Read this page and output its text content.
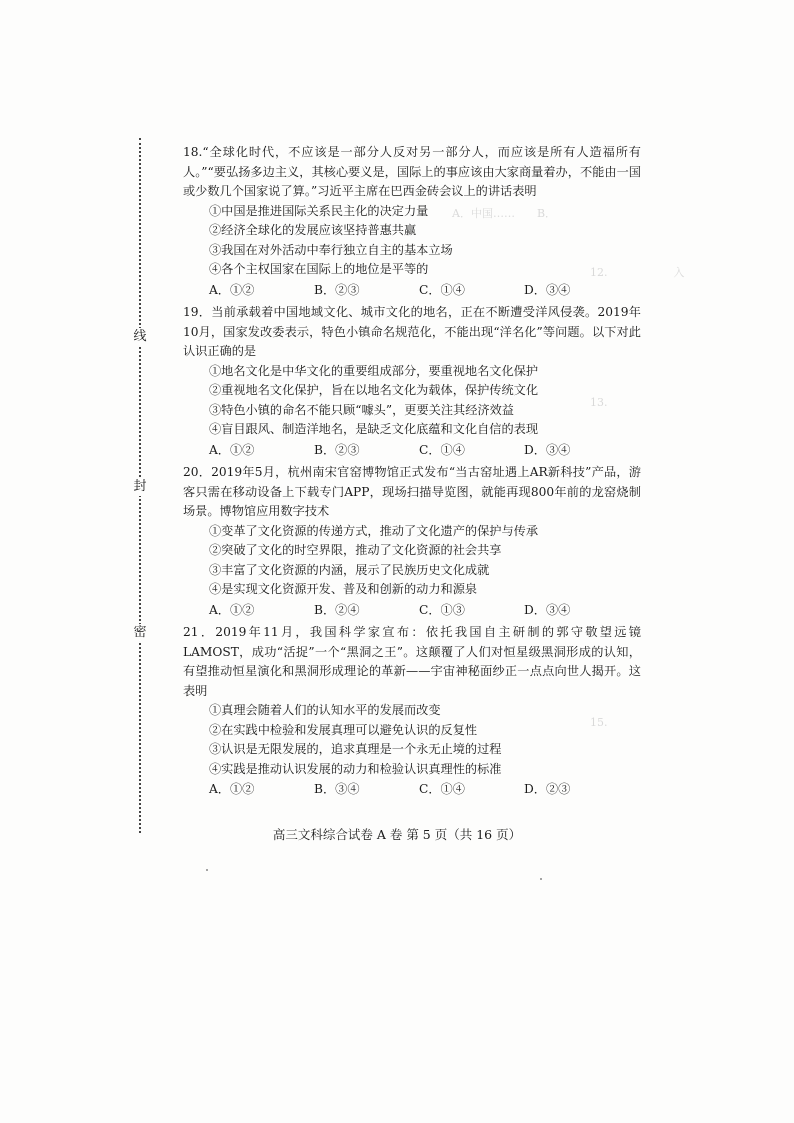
线
封
密
A．中国……　　B．
12.　　　　　　入
13.　　　　　　　
15.　　　　　　　

18.“全球化时代，不应该是一部分人反对另一部分人，而应该是所有人造福所有人。”“要弘扬多边主义，其核心要义是，国际上的事应该由大家商量着办，不能由一国或少数几个国家说了算。”习近平主席在巴西金砖会议上的讲话表明

①中国是推进国际关系民主化的决定力量
②经济全球化的发展应该坚持普惠共赢
③我国在对外活动中奉行独立自主的基本立场
④各个主权国家在国际上的地位是平等的
A．①②	B．②③	C．①④	D．③④

19．当前承载着中国地域文化、城市文化的地名，正在不断遭受洋风侵袭。2019年10月，国家发改委表示，特色小镇命名规范化，不能出现“洋名化”等问题。以下对此认识正确的是

①地名文化是中华文化的重要组成部分，要重视地名文化保护
②重视地名文化保护，旨在以地名文化为载体，保护传统文化
③特色小镇的命名不能只顾“噱头”，更要关注其经济效益
④盲目跟风、制造洋地名，是缺乏文化底蕴和文化自信的表现
A．①②	B．②③	C．①④	D．③④

20．2019年5月，杭州南宋官窑博物馆正式发布“当古窑址遇上AR新科技”产品，游客只需在移动设备上下载专门APP，现场扫描导览图，就能再现800年前的龙窑烧制场景。博物馆应用数字技术

①变革了文化资源的传递方式，推动了文化遗产的保护与传承
②突破了文化的时空界限，推动了文化资源的社会共享
③丰富了文化资源的内涵，展示了民族历史文化成就
④是实现文化资源开发、普及和创新的动力和源泉
A．①②	B．②④	C．①③	D．③④

21．2019年11月，我国科学家宣布：依托我国自主研制的郭守敬望远镜LAMOST，成功“活捉”一个“黑洞之王”。这颠覆了人们对恒星级黑洞形成的认知，有望推动恒星演化和黑洞形成理论的革新——宇宙神秘面纱正一点点向世人揭开。这表明

①真理会随着人们的认知水平的发展而改变
②在实践中检验和发展真理可以避免认识的反复性
③认识是无限发展的，追求真理是一个永无止境的过程
④实践是推动认识发展的动力和检验认识真理性的标准
A．①②	B．③④	C．①④	D．②③
高三文科综合试卷 A 卷 第 5 页（共 16 页）
